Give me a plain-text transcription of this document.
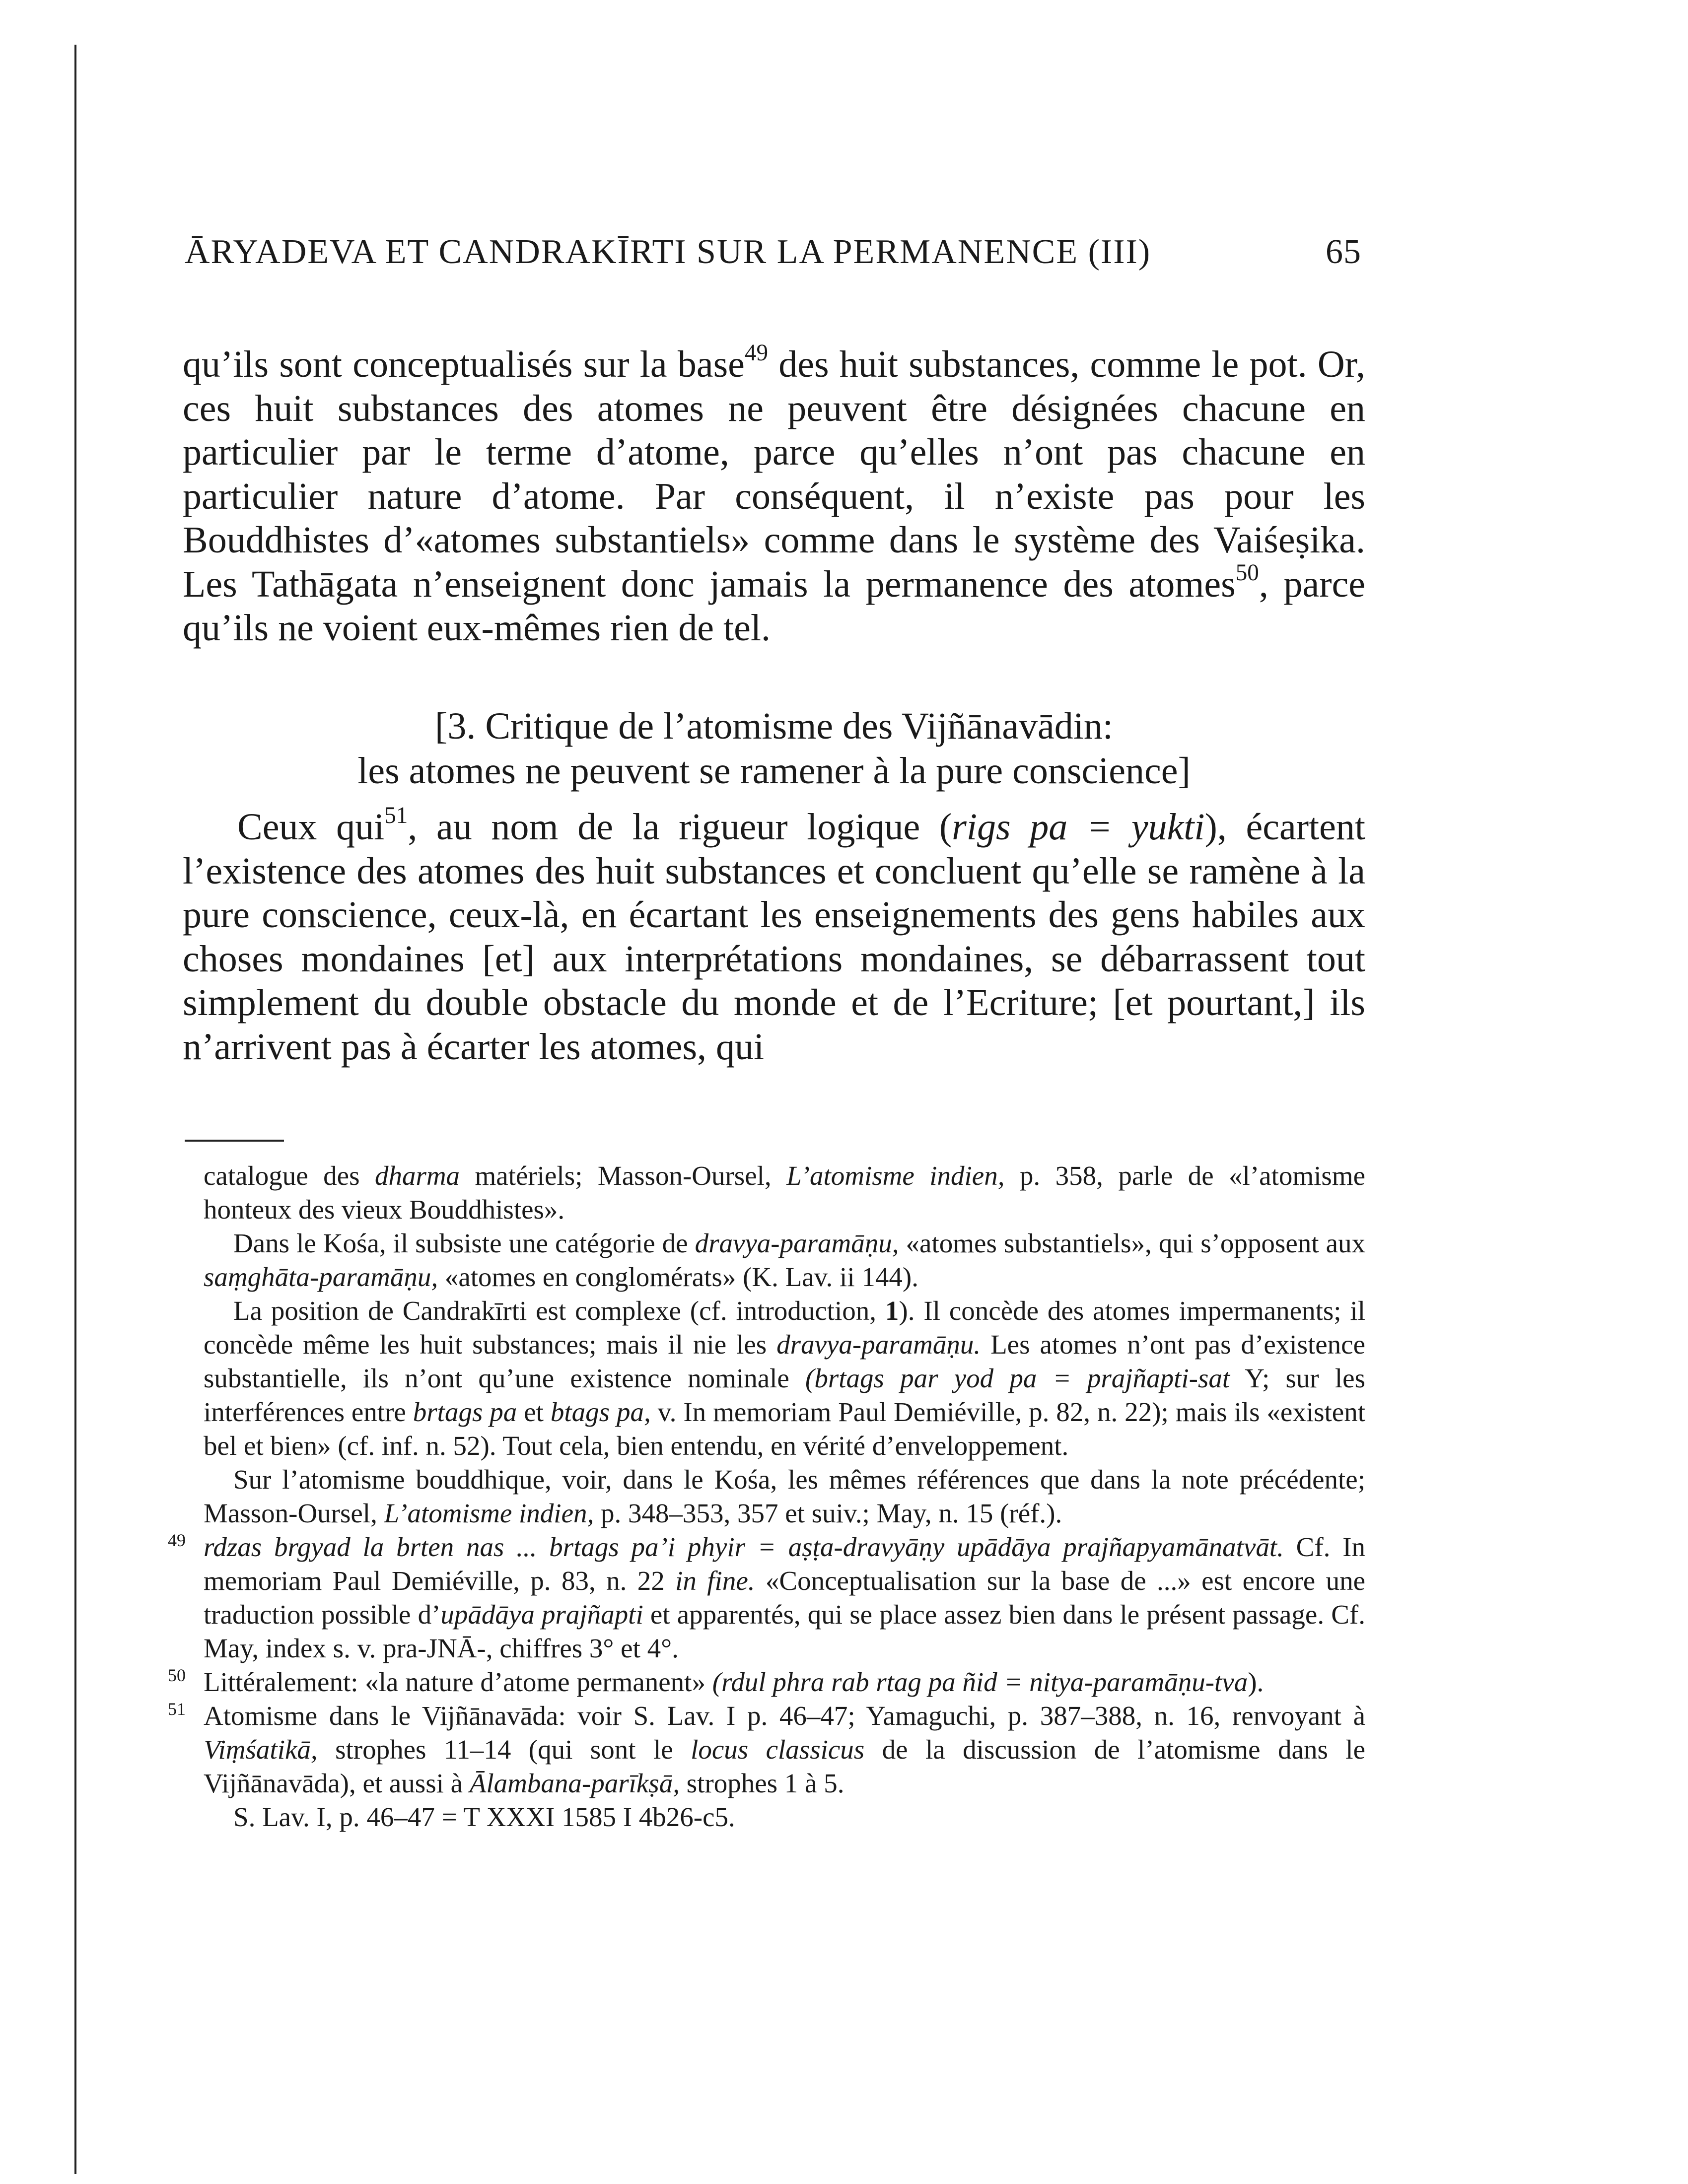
ĀRYADEVA ET CANDRAKĪRTI SUR LA PERMANENCE (III)	65

qu’ils sont conceptualisés sur la base$^{49}$ des huit substances, comme le pot. Or, ces huit substances des atomes ne peuvent être désignées chacune en particulier par le terme d’atome, parce qu’elles n’ont pas chacune en particulier nature d’atome. Par conséquent, il n’existe pas pour les Bouddhistes d’«atomes substantiels» comme dans le système des Vaiśeṣika. Les Tathāgata n’enseignent donc jamais la permanence des atomes$^{50}$, parce qu’ils ne voient eux-mêmes rien de tel.

[3. Critique de l’atomisme des Vijñānavādin:
les atomes ne peuvent se ramener à la pure conscience]

Ceux qui$^{51}$, au nom de la rigueur logique (rigs pa = yukti), écartent l’existence des atomes des huit substances et concluent qu’elle se ramène à la pure conscience, ceux-là, en écartant les enseignements des gens habiles aux choses mondaines [et] aux interprétations mondaines, se débarrassent tout simplement du double obstacle du monde et de l’Ecriture; [et pourtant,] ils n’arrivent pas à écarter les atomes, qui

catalogue des dharma matériels; Masson-Oursel, L’atomisme indien, p. 358, parle de «l’atomisme honteux des vieux Bouddhistes».

Dans le Kośa, il subsiste une catégorie de dravya-paramāṇu, «atomes substantiels», qui s’opposent aux saṃghāta-paramāṇu, «atomes en conglomérats» (K. Lav. ii 144).

La position de Candrakīrti est complexe (cf. introduction, 1). Il concède des atomes impermanents; il concède même les huit substances; mais il nie les dravya-paramāṇu. Les atomes n’ont pas d’existence substantielle, ils n’ont qu’une existence nominale (brtags par yod pa = prajñapti-sat Y; sur les interférences entre brtags pa et btags pa, v. In memoriam Paul Demiéville, p. 82, n. 22); mais ils «existent bel et bien» (cf. inf. n. 52). Tout cela, bien entendu, en vérité d’enveloppement.

Sur l’atomisme bouddhique, voir, dans le Kośa, les mêmes références que dans la note précédente; Masson-Oursel, L’atomisme indien, p. 348–353, 357 et suiv.; May, n. 15 (réf.).

49 rdzas brgyad la brten nas ... brtags pa’i phyir = aṣṭa-dravyāṇy upādāya prajñapyamānatvāt. Cf. In memoriam Paul Demiéville, p. 83, n. 22 in fine. «Conceptualisation sur la base de ...» est encore une traduction possible d’upādāya prajñapti et apparentés, qui se place assez bien dans le présent passage. Cf. May, index s. v. pra-JNĀ-, chiffres 3° et 4°.

50 Littéralement: «la nature d’atome permanent» (rdul phra rab rtag pa ñid = nitya-paramāṇu-tva).

51 Atomisme dans le Vijñānavāda: voir S. Lav. I p. 46–47; Yamaguchi, p. 387–388, n. 16, renvoyant à Viṃśatikā, strophes 11–14 (qui sont le locus classicus de la discussion de l’atomisme dans le Vijñānavāda), et aussi à Ālambana-parīkṣā, strophes 1 à 5.

S. Lav. I, p. 46–47 = T XXXI 1585 I 4b26-c5.
